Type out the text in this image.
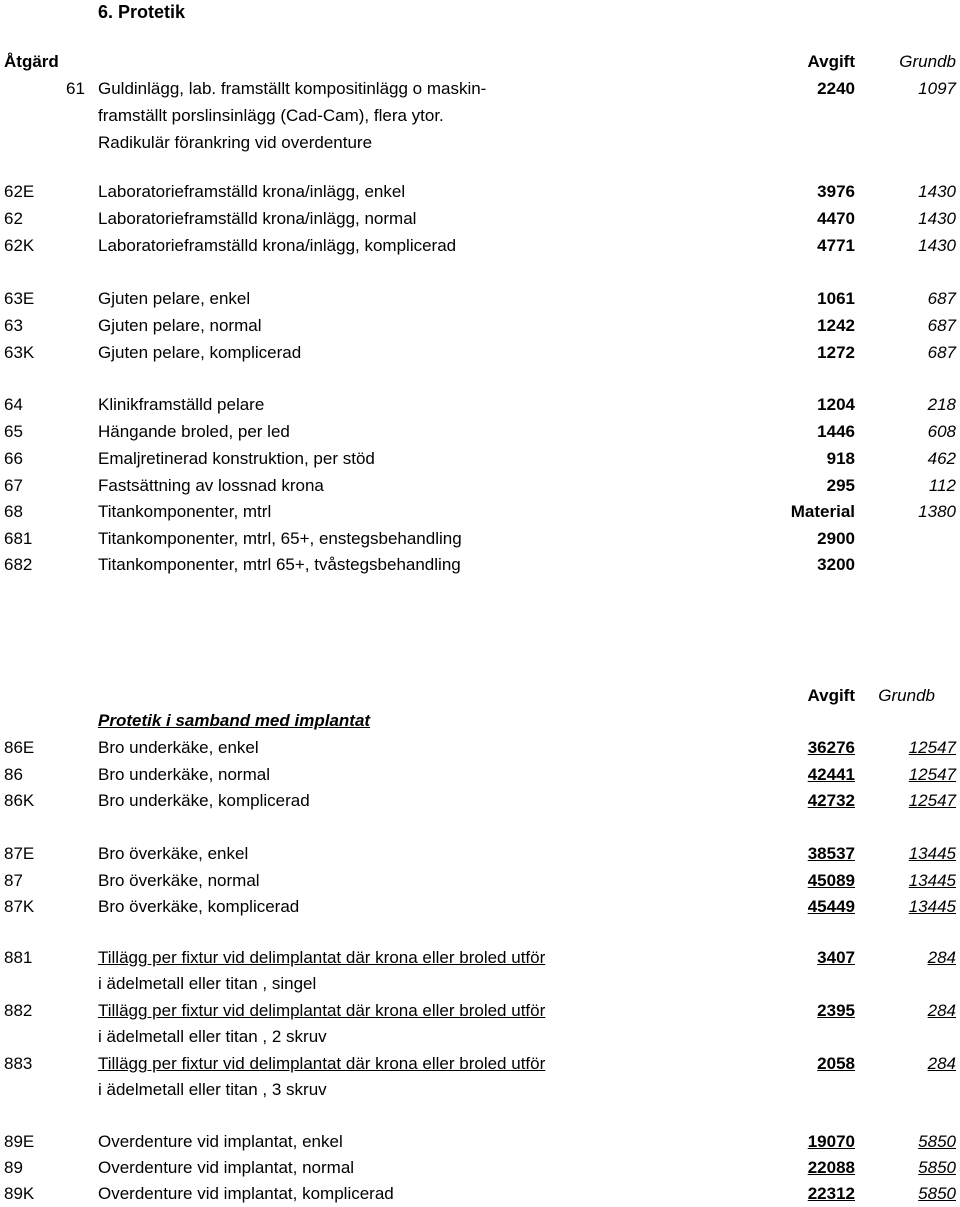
6. Protetik
Åtgärd	Avgift	Grundb
61 Guldinlägg, lab. framställt kompositinlägg o maskin-	2240	1097
framställt porslinsinlägg (Cad-Cam), flera ytor.
Radikulär förankring vid overdenture
62E	Laboratorieframställd krona/inlägg, enkel	3976	1430
62	Laboratorieframställd krona/inlägg, normal	4470	1430
62K	Laboratorieframställd krona/inlägg, komplicerad	4771	1430
63E	Gjuten pelare, enkel	1061	687
63	Gjuten pelare, normal	1242	687
63K	Gjuten pelare, komplicerad	1272	687
64	Klinikframställd pelare	1204	218
65	Hängande broled, per led	1446	608
66	Emaljretinerad konstruktion, per stöd	918	462
67	Fastsättning av lossnad krona	295	112
68	Titankomponenter, mtrl	Material	1380
681	Titankomponenter, mtrl, 65+, enstegsbehandling	2900
682	Titankomponenter, mtrl 65+, tvåstegsbehandling	3200
Avgift Grundb
Protetik i samband med implantat
86E	Bro underkäke, enkel	36276	12547
86	Bro underkäke, normal	42441	12547
86K	Bro underkäke, komplicerad	42732	12547
87E	Bro överkäke, enkel	38537	13445
87	Bro överkäke, normal	45089	13445
87K	Bro överkäke, komplicerad	45449	13445
881	Tillägg per fixtur vid delimplantat där krona eller broled utför	3407	284
i ädelmetall eller titan , singel
882	Tillägg per fixtur vid delimplantat där krona eller broled utför	2395	284
i ädelmetall eller titan , 2 skruv
883	Tillägg per fixtur vid delimplantat där krona eller broled utför	2058	284
i ädelmetall eller titan , 3 skruv
89E	Overdenture vid implantat, enkel	19070	5850
89	Overdenture vid implantat, normal	22088	5850
89K	Overdenture vid implantat, komplicerad	22312	5850
